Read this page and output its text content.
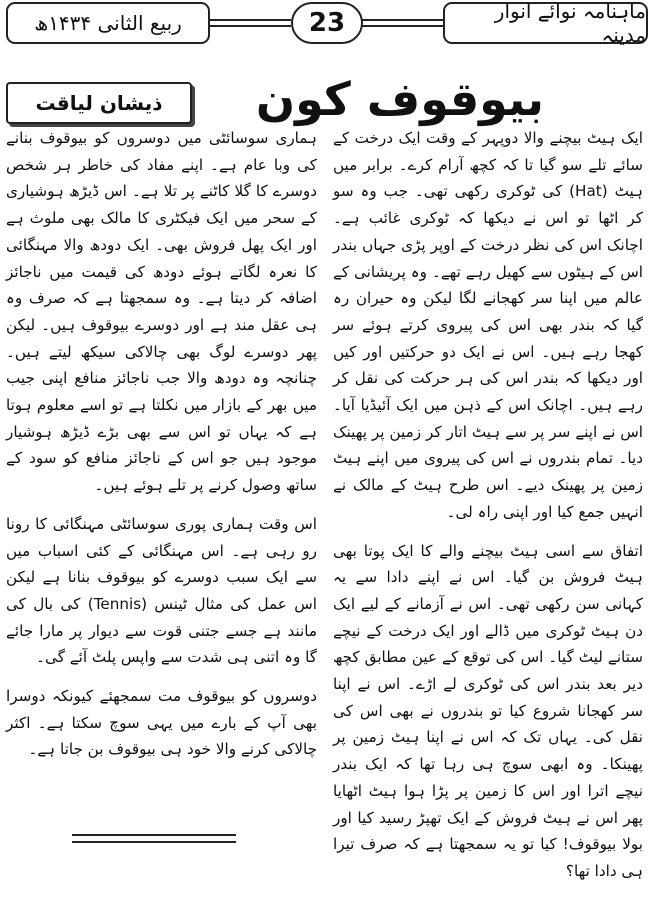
ماہنامہ نوائے انوار مدینہ
23
ربیع الثانی ۱۴۳۴ھ
بیوقوف کون
ذیشان لیاقت

ایک ہیٹ بیچنے والا دوپہر کے وقت ایک درخت کے سائے تلے سو گیا تا کہ کچھ آرام کرے۔ برابر میں ہیٹ (Hat) کی ٹوکری رکھی تھی۔ جب وہ سو کر اٹھا تو اس نے دیکھا کہ ٹوکری غائب ہے۔ اچانک اس کی نظر درخت کے اوپر پڑی جہاں بندر اس کے ہیٹوں سے کھیل رہے تھے۔ وہ پریشانی کے عالم میں اپنا سر کھجانے لگا لیکن وہ حیران رہ گیا کہ بندر بھی اس کی پیروی کرتے ہوئے سر کھجا رہے ہیں۔ اس نے ایک دو حرکتیں اور کیں اور دیکھا کہ بندر اس کی ہر حرکت کی نقل کر رہے ہیں۔ اچانک اس کے ذہن میں ایک آئیڈیا آیا۔ اس نے اپنے سر پر سے ہیٹ اتار کر زمین پر پھینک دیا۔ تمام بندروں نے اس کی پیروی میں اپنے ہیٹ زمین پر پھینک دیے۔ اس طرح ہیٹ کے مالک نے انہیں جمع کیا اور اپنی راہ لی۔

اتفاق سے اسی ہیٹ بیچنے والے کا ایک پوتا بھی ہیٹ فروش بن گیا۔ اس نے اپنے دادا سے یہ کہانی سن رکھی تھی۔ اس نے آزمانے کے لیے ایک دن ہیٹ ٹوکری میں ڈالے اور ایک درخت کے نیچے ستانے لیٹ گیا۔ اس کی توقع کے عین مطابق کچھ دیر بعد بندر اس کی ٹوکری لے اڑے۔ اس نے اپنا سر کھجانا شروع کیا تو بندروں نے بھی اس کی نقل کی۔ یہاں تک کہ اس نے اپنا ہیٹ زمین پر پھینکا۔ وہ ابھی سوچ ہی رہا تھا کہ ایک بندر نیچے اترا اور اس کا زمین پر پڑا ہوا ہیٹ اٹھایا پھر اس نے ہیٹ فروش کے ایک تھپڑ رسید کیا اور بولا بیوقوف! کیا تو یہ سمجھتا ہے کہ صرف تیرا ہی دادا تھا؟

ہماری سوسائٹی میں دوسروں کو بیوقوف بنانے کی وبا عام ہے۔ اپنے مفاد کی خاطر ہر شخص دوسرے کا گلا کاٹنے پر تلا ہے۔ اس ڈیڑھ ہوشیاری کے سحر میں ایک فیکٹری کا مالک بھی ملوث ہے اور ایک پھل فروش بھی۔ ایک دودھ والا مہنگائی کا نعرہ لگاتے ہوئے دودھ کی قیمت میں ناجائز اضافہ کر دیتا ہے۔ وہ سمجھتا ہے کہ صرف وہ ہی عقل مند ہے اور دوسرے بیوقوف ہیں۔ لیکن پھر دوسرے لوگ بھی چالاکی سیکھ لیتے ہیں۔ چنانچہ وہ دودھ والا جب ناجائز منافع اپنی جیب میں بھر کے بازار میں نکلتا ہے تو اسے معلوم ہوتا ہے کہ یہاں تو اس سے بھی بڑے ڈیڑھ ہوشیار موجود ہیں جو اس کے ناجائز منافع کو سود کے ساتھ وصول کرنے پر تلے ہوئے ہیں۔

اس وقت ہماری پوری سوسائٹی مہنگائی کا رونا رو رہی ہے۔ اس مہنگائی کے کئی اسباب میں سے ایک سبب دوسرے کو بیوقوف بنانا ہے لیکن اس عمل کی مثال ٹینس (Tennis) کی بال کی مانند ہے جسے جتنی قوت سے دیوار پر مارا جائے گا وہ اتنی ہی شدت سے واپس پلٹ آئے گی۔

دوسروں کو بیوقوف مت سمجھئے کیونکہ دوسرا بھی آپ کے بارے میں یہی سوچ سکتا ہے۔ اکثر چالاکی کرنے والا خود ہی بیوقوف بن جاتا ہے۔
